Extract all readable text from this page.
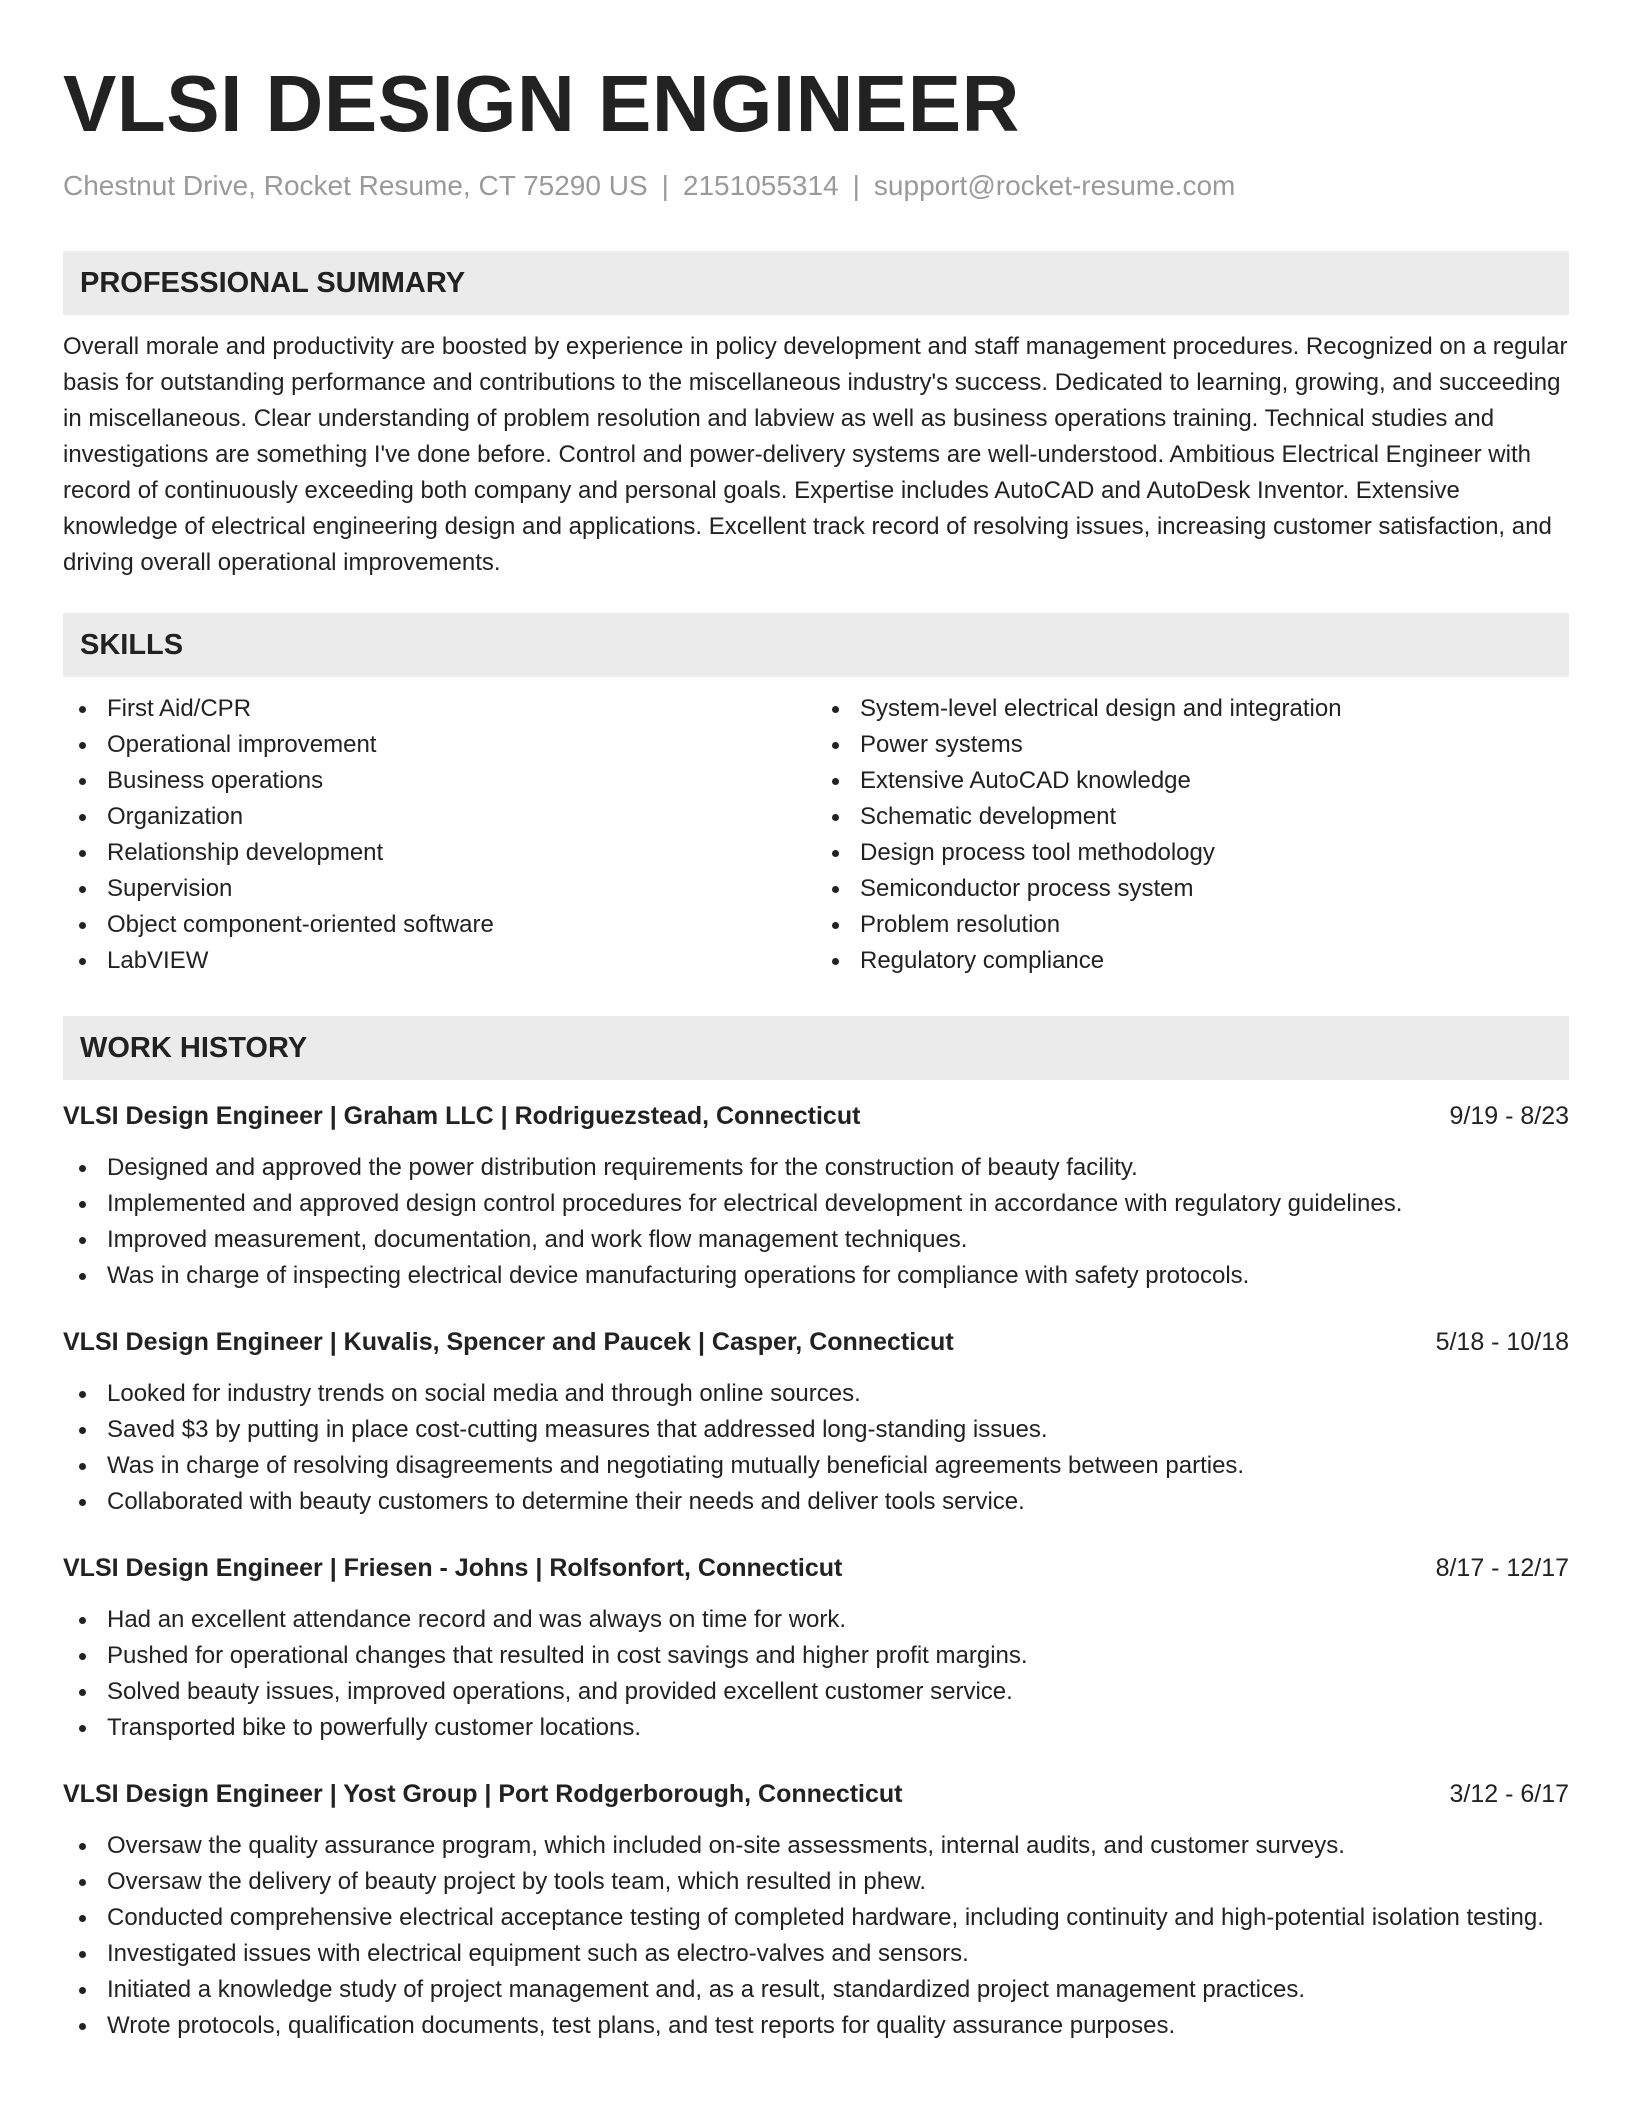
VLSI DESIGN ENGINEER
Chestnut Drive, Rocket Resume, CT 75290 US | 2151055314 | support@rocket-resume.com
PROFESSIONAL SUMMARY
Overall morale and productivity are boosted by experience in policy development and staff management procedures. Recognized on a regular basis for outstanding performance and contributions to the miscellaneous industry's success. Dedicated to learning, growing, and succeeding in miscellaneous. Clear understanding of problem resolution and labview as well as business operations training. Technical studies and investigations are something I've done before. Control and power-delivery systems are well-understood. Ambitious Electrical Engineer with record of continuously exceeding both company and personal goals. Expertise includes AutoCAD and AutoDesk Inventor. Extensive knowledge of electrical engineering design and applications. Excellent track record of resolving issues, increasing customer satisfaction, and driving overall operational improvements.
SKILLS
First Aid/CPR
Operational improvement
Business operations
Organization
Relationship development
Supervision
Object component-oriented software
LabVIEW
System-level electrical design and integration
Power systems
Extensive AutoCAD knowledge
Schematic development
Design process tool methodology
Semiconductor process system
Problem resolution
Regulatory compliance
WORK HISTORY
VLSI Design Engineer | Graham LLC | Rodriguezstead, Connecticut	9/19 - 8/23
Designed and approved the power distribution requirements for the construction of beauty facility.
Implemented and approved design control procedures for electrical development in accordance with regulatory guidelines.
Improved measurement, documentation, and work flow management techniques.
Was in charge of inspecting electrical device manufacturing operations for compliance with safety protocols.
VLSI Design Engineer | Kuvalis, Spencer and Paucek | Casper, Connecticut	5/18 - 10/18
Looked for industry trends on social media and through online sources.
Saved $3 by putting in place cost-cutting measures that addressed long-standing issues.
Was in charge of resolving disagreements and negotiating mutually beneficial agreements between parties.
Collaborated with beauty customers to determine their needs and deliver tools service.
VLSI Design Engineer | Friesen - Johns | Rolfsonfort, Connecticut	8/17 - 12/17
Had an excellent attendance record and was always on time for work.
Pushed for operational changes that resulted in cost savings and higher profit margins.
Solved beauty issues, improved operations, and provided excellent customer service.
Transported bike to powerfully customer locations.
VLSI Design Engineer | Yost Group | Port Rodgerborough, Connecticut	3/12 - 6/17
Oversaw the quality assurance program, which included on-site assessments, internal audits, and customer surveys.
Oversaw the delivery of beauty project by tools team, which resulted in phew.
Conducted comprehensive electrical acceptance testing of completed hardware, including continuity and high-potential isolation testing.
Investigated issues with electrical equipment such as electro-valves and sensors.
Initiated a knowledge study of project management and, as a result, standardized project management practices.
Wrote protocols, qualification documents, test plans, and test reports for quality assurance purposes.
